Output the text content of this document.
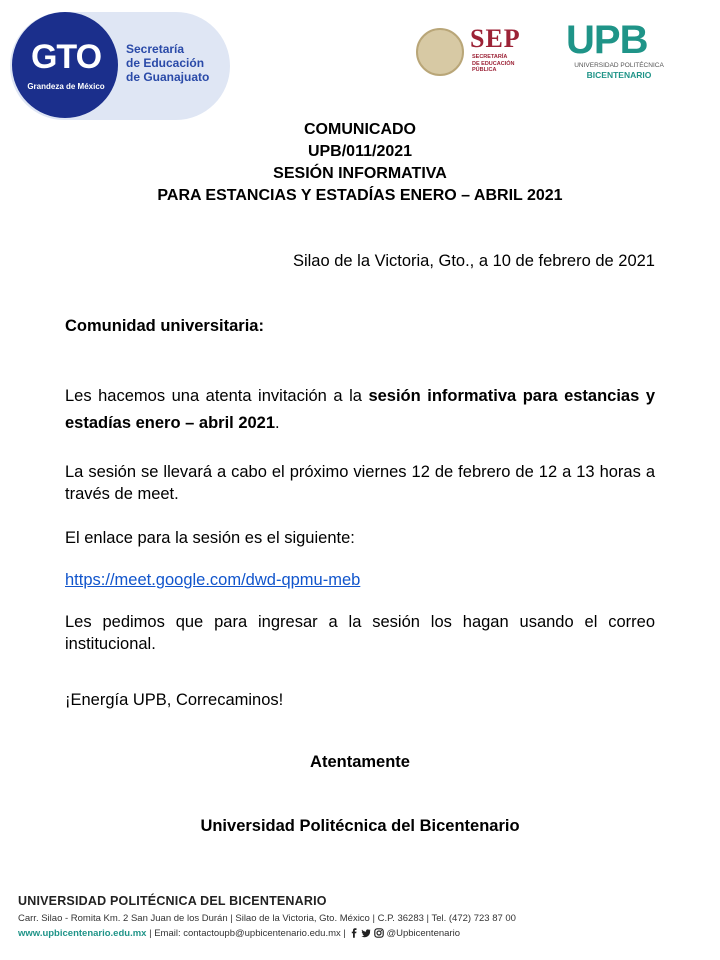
GTO
Grandeza de México
Secretaría
de Educación
de Guanajuato
SEP
SECRETARÍA
DE EDUCACIÓN
PÚBLICA
UPB
UNIVERSIDAD POLITÉCNICA
BICENTENARIO
COMUNICADO
UPB/011/2021
SESIÓN INFORMATIVA
PARA ESTANCIAS Y ESTADÍAS ENERO – ABRIL 2021
Silao de la Victoria, Gto., a 10 de febrero de 2021
Comunidad universitaria:
Les hacemos una atenta invitación a la sesión informativa para estancias y estadías enero – abril 2021.
La sesión se llevará a cabo el próximo viernes 12 de febrero de 12 a 13 horas a través de meet.
El enlace para la sesión es el siguiente:
https://meet.google.com/dwd-qpmu-meb
Les pedimos que para ingresar a la sesión los hagan usando el correo institucional.
¡Energía UPB, Correcaminos!
Atentamente
Universidad Politécnica del Bicentenario
UNIVERSIDAD POLITÉCNICA DEL BICENTENARIO
Carr. Silao - Romita Km. 2 San Juan de los Durán | Silao de la Victoria, Gto. México | C.P. 36283 | Tel. (472) 723 87 00
www.upbicentenario.edu.mx | Email: contactoupb@upbicentenario.edu.mx |	@Upbicentenario
